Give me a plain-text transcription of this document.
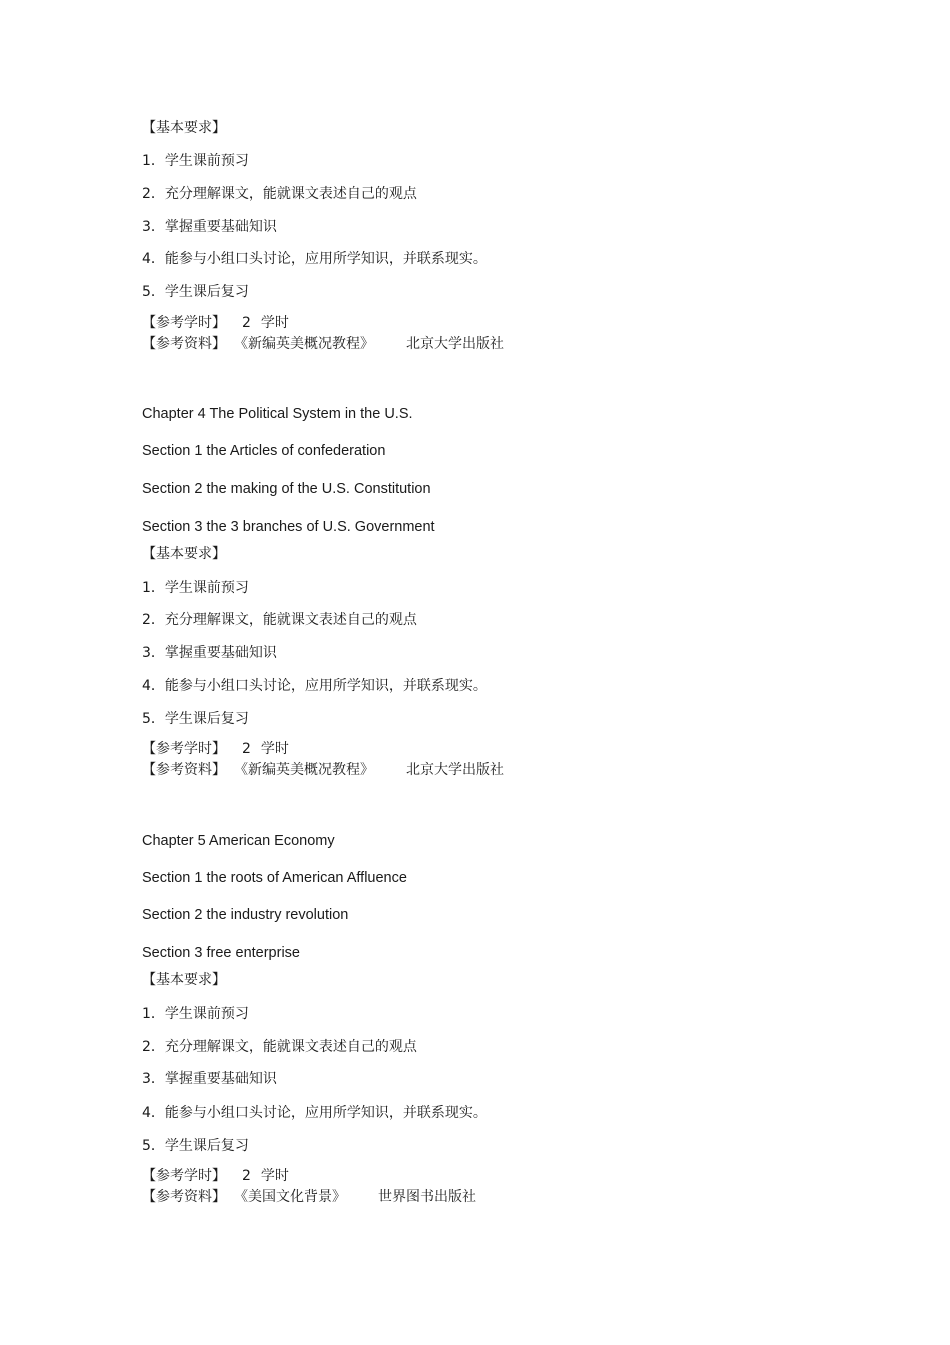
【基本要求】
1．学生课前预习
2．充分理解课文，能就课文表述自己的观点
3．掌握重要基础知识
4．能参与小组口头讨论，应用所学知识，并联系现实。
5．学生课后复习
【参考学时】 2 学时
【参考资料】 《新编英美概况教程》 北京大学出版社
Chapter 4 The Political System in the U.S.
Section 1 the Articles of confederation
Section 2 the making of the U.S. Constitution
Section 3 the 3 branches of U.S. Government
【基本要求】
1．学生课前预习
2．充分理解课文，能就课文表述自己的观点
3．掌握重要基础知识
4．能参与小组口头讨论，应用所学知识，并联系现实。
5．学生课后复习
【参考学时】 2 学时
【参考资料】 《新编英美概况教程》 北京大学出版社
Chapter 5 American Economy
Section 1 the roots of American Affluence
Section 2 the industry revolution
Section 3 free enterprise
【基本要求】
1．学生课前预习
2．充分理解课文，能就课文表述自己的观点
3．掌握重要基础知识
4．能参与小组口头讨论，应用所学知识，并联系现实。
5．学生课后复习
【参考学时】 2 学时
【参考资料】 《美国文化背景》 世界图书出版社
